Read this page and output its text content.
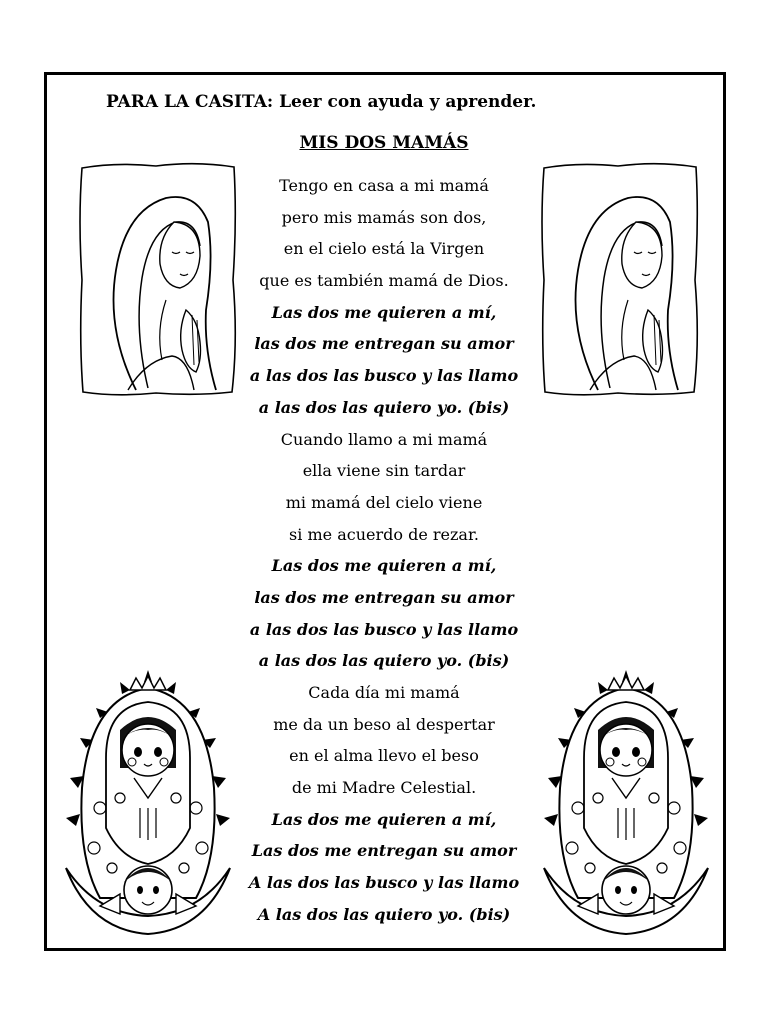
PARA LA CASITA: Leer con ayuda y aprender.
MIS DOS MAMÁS
Tengo en casa a mi mamá
pero mis mamás son dos,
en el cielo está la Virgen
que es también mamá de Dios.
Las dos me quieren a mí,
las dos me entregan su amor
a las dos las busco y las llamo
a las dos las quiero yo. (bis)
Cuando llamo a mi mamá
ella viene sin tardar
mi mamá del cielo viene
si me acuerdo de rezar.
Las dos me quieren a mí,
las dos me entregan su amor
a las dos las busco y las llamo
a las dos las quiero yo. (bis)
Cada día mi mamá
me da un beso al despertar
en el alma llevo el beso
de mi Madre Celestial.
Las dos me quieren a mí,
Las dos me entregan su amor
A las dos las busco y las llamo
A las dos las quiero yo. (bis)
